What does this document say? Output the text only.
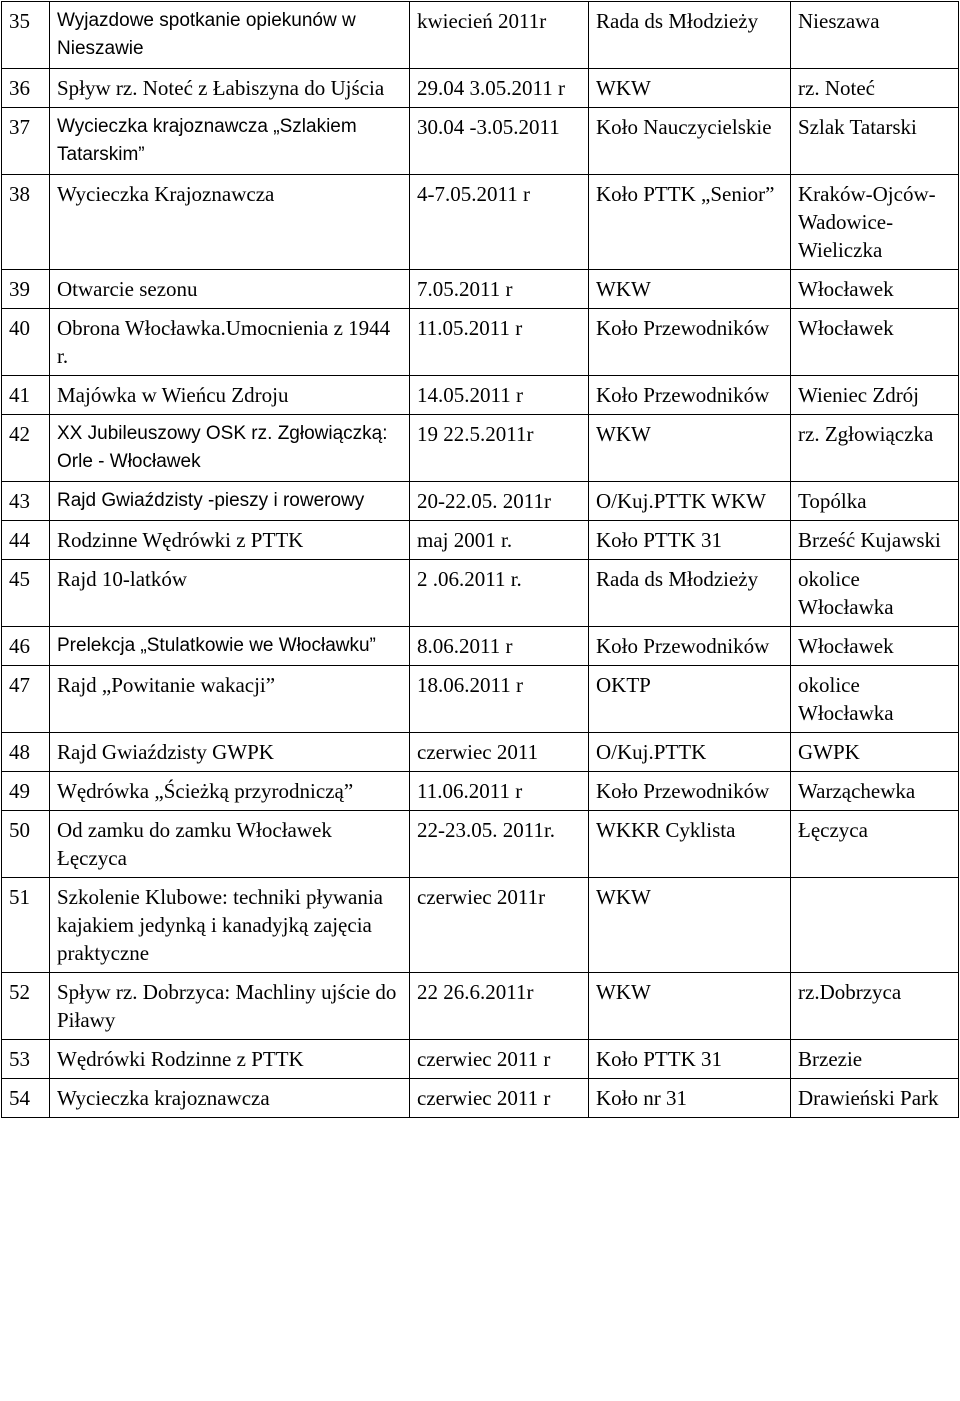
35	Wyjazdowe spotkanie opiekunów w Nieszawie	kwiecień 2011r	Rada ds Młodzieży	Nieszawa
36	Spływ rz. Noteć z Łabiszyna do Ujścia	29.04 3.05.2011 r	WKW	rz. Noteć
37	Wycieczka krajoznawcza „Szlakiem Tatarskim”	30.04 -3.05.2011	Koło Nauczycielskie	Szlak Tatarski
38	Wycieczka Krajoznawcza	4-7.05.2011 r	Koło PTTK „Senior”	Kraków-Ojców-Wadowice-Wieliczka
39	Otwarcie sezonu	7.05.2011 r	WKW	Włocławek
40	Obrona Włocławka.Umocnienia z 1944 r.	11.05.2011 r	Koło Przewodników	Włocławek
41	Majówka w Wieńcu Zdroju	14.05.2011 r	Koło Przewodników	Wieniec Zdrój
42	XX Jubileuszowy OSK rz. Zgłowiączką: Orle - Włocławek	19 22.5.2011r	WKW	rz. Zgłowiączka
43	Rajd Gwiaździsty -pieszy i rowerowy	20-22.05. 2011r	O/Kuj.PTTK WKW	Topólka
44	Rodzinne Wędrówki z PTTK	maj 2001 r.	Koło PTTK 31	Brześć Kujawski
45	Rajd 10-latków	2 .06.2011 r.	Rada ds Młodzieży	okolice Włocławka
46	Prelekcja „Stulatkowie we Włocławku”	8.06.2011 r	Koło Przewodników	Włocławek
47	Rajd „Powitanie wakacji”	18.06.2011 r	OKTP	okolice Włocławka
48	Rajd Gwiaździsty GWPK	czerwiec 2011	O/Kuj.PTTK	GWPK
49	Wędrówka „Ścieżką przyrodniczą”	11.06.2011 r	Koło Przewodników	Warząchewka
50	Od zamku do zamku Włocławek Łęczyca	22-23.05. 2011r.	WKKR Cyklista	Łęczyca
51	Szkolenie Klubowe: techniki pływania kajakiem jedynką i kanadyjką zajęcia praktyczne	czerwiec 2011r	WKW	
52	Spływ rz. Dobrzyca: Machliny ujście do Piławy	22 26.6.2011r	WKW	rz.Dobrzyca
53	Wędrówki Rodzinne z PTTK	czerwiec 2011 r	Koło PTTK 31	Brzezie
54	Wycieczka krajoznawcza	czerwiec 2011 r	Koło nr 31	Drawieński Park
